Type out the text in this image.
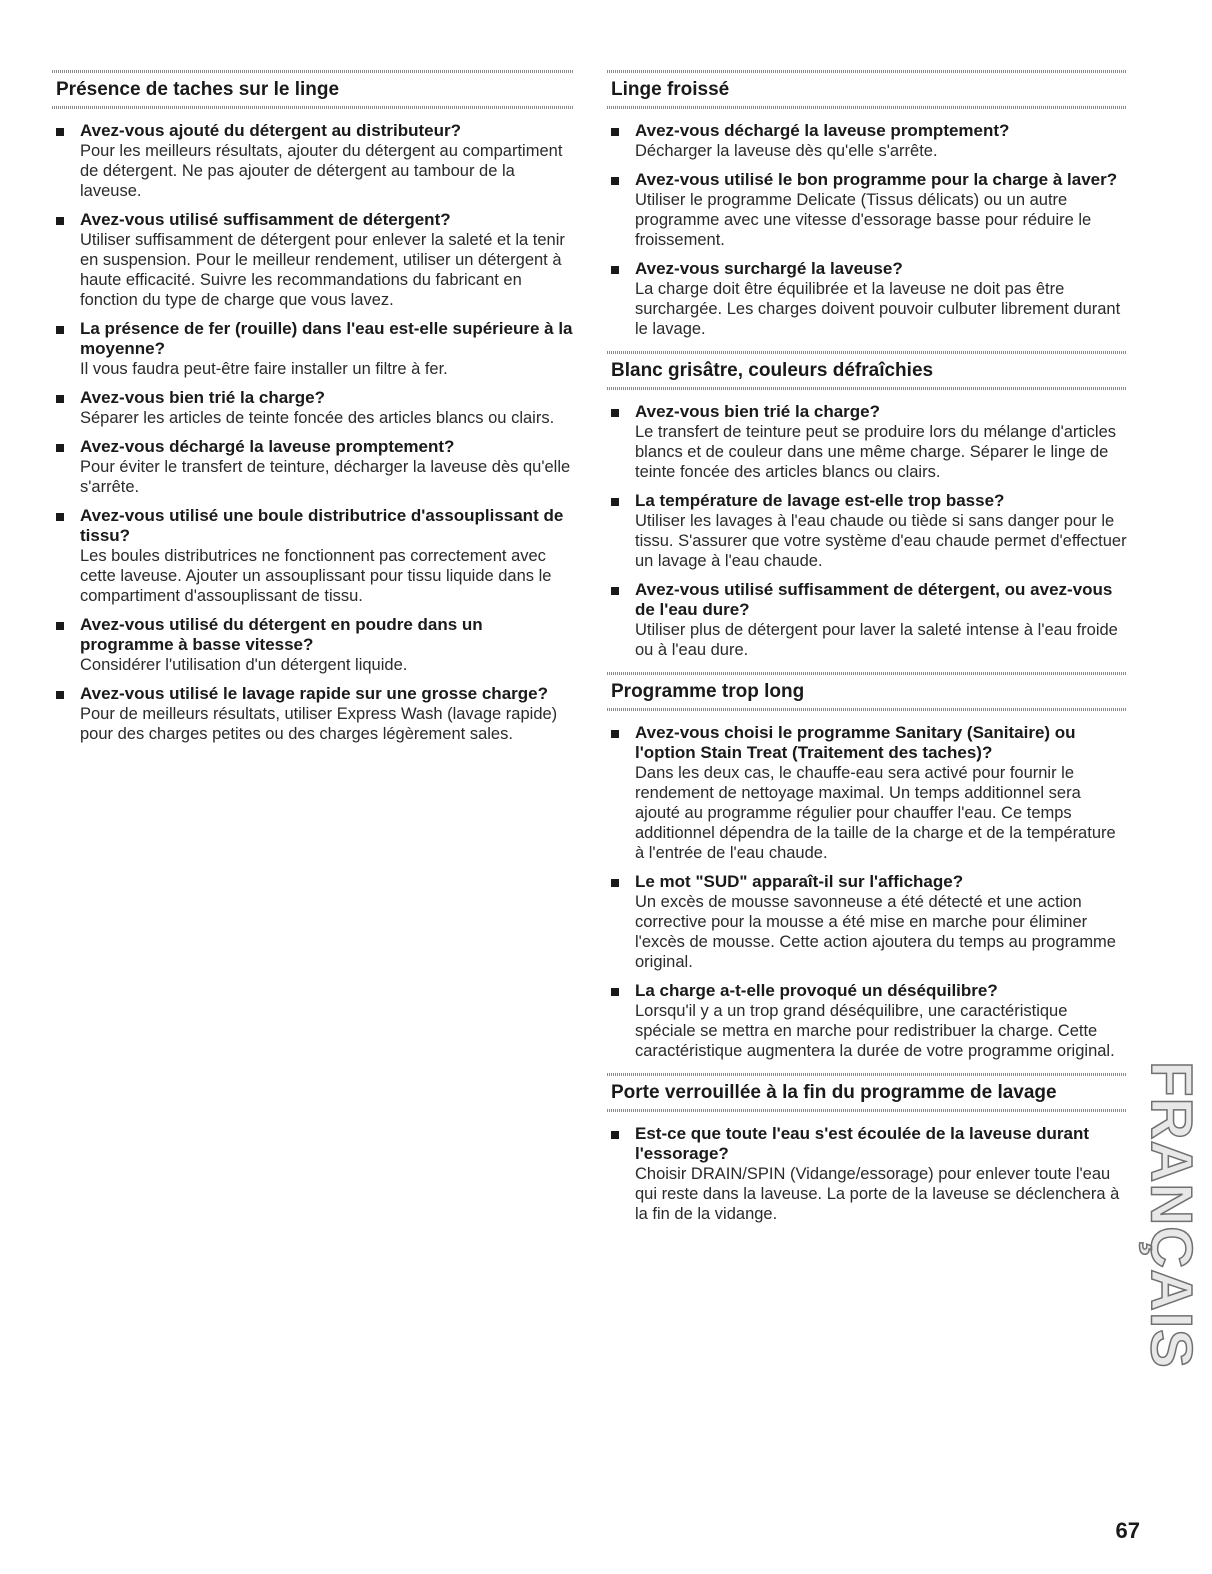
Présence de taches sur le linge

Avez-vous ajouté du détergent au distributeur?

Pour les meilleurs résultats, ajouter du détergent au compartiment de détergent. Ne pas ajouter de détergent au tambour de la laveuse.

Avez-vous utilisé suffisamment de détergent?

Utiliser suffisamment de détergent pour enlever la saleté et la tenir en suspension. Pour le meilleur rendement, utiliser un détergent à haute efficacité. Suivre les recommandations du fabricant en fonction du type de charge que vous lavez.

La présence de fer (rouille) dans l'eau est-elle supérieure à la moyenne?

Il vous faudra peut-être faire installer un filtre à fer.

Avez-vous bien trié la charge?

Séparer les articles de teinte foncée des articles blancs ou clairs.

Avez-vous déchargé la laveuse promptement?

Pour éviter le transfert de teinture, décharger la laveuse dès qu'elle s'arrête.

Avez-vous utilisé une boule distributrice d'assouplissant de tissu?

Les boules distributrices ne fonctionnent pas correctement avec cette laveuse. Ajouter un assouplissant pour tissu liquide dans le compartiment d'assouplissant de tissu.

Avez-vous utilisé du détergent en poudre dans un programme à basse vitesse?

Considérer l'utilisation d'un détergent liquide.

Avez-vous utilisé le lavage rapide sur une grosse charge?

Pour de meilleurs résultats, utiliser Express Wash (lavage rapide) pour des charges petites ou des charges légèrement sales.

Linge froissé

Avez-vous déchargé la laveuse promptement?

Décharger la laveuse dès qu'elle s'arrête.

Avez-vous utilisé le bon programme pour la charge à laver?

Utiliser le programme Delicate (Tissus délicats) ou un autre programme avec une vitesse d'essorage basse pour réduire le froissement.

Avez-vous surchargé la laveuse?

La charge doit être équilibrée et la laveuse ne doit pas être surchargée. Les charges doivent pouvoir culbuter librement durant le lavage.

Blanc grisâtre, couleurs défraîchies

Avez-vous bien trié la charge?

Le transfert de teinture peut se produire lors du mélange d'articles blancs et de couleur dans une même charge. Séparer le linge de teinte foncée des articles blancs ou clairs.

La température de lavage est-elle trop basse?

Utiliser les lavages à l'eau chaude ou tiède si sans danger pour le tissu. S'assurer que votre système d'eau chaude permet d'effectuer un lavage à l'eau chaude.

Avez-vous utilisé suffisamment de détergent, ou avez-vous de l'eau dure?

Utiliser plus de détergent pour laver la saleté intense à l'eau froide ou à l'eau dure.

Programme trop long

Avez-vous choisi le programme Sanitary (Sanitaire) ou l'option Stain Treat (Traitement des taches)?

Dans les deux cas, le chauffe-eau sera activé pour fournir le rendement de nettoyage maximal. Un temps additionnel sera ajouté au programme régulier pour chauffer l'eau. Ce temps additionnel dépendra de la taille de la charge et de la température à l'entrée de l'eau chaude.

Le mot "SUD" apparaît-il sur l'affichage?

Un excès de mousse savonneuse a été détecté et une action corrective pour la mousse a été mise en marche pour éliminer l'excès de mousse. Cette action ajoutera du temps au programme original.

La charge a-t-elle provoqué un déséquilibre?

Lorsqu'il y a un trop grand déséquilibre, une caractéristique spéciale se mettra en marche pour redistribuer la charge. Cette caractéristique augmentera la durée de votre programme original.

Porte verrouillée à la fin du programme de lavage

Est-ce que toute l'eau s'est écoulée de la laveuse durant l'essorage?

Choisir DRAIN/SPIN (Vidange/essorage) pour enlever toute l'eau qui reste dans la laveuse. La porte de la laveuse se déclenchera à la fin de la vidange.	FRANÇAIS
67
